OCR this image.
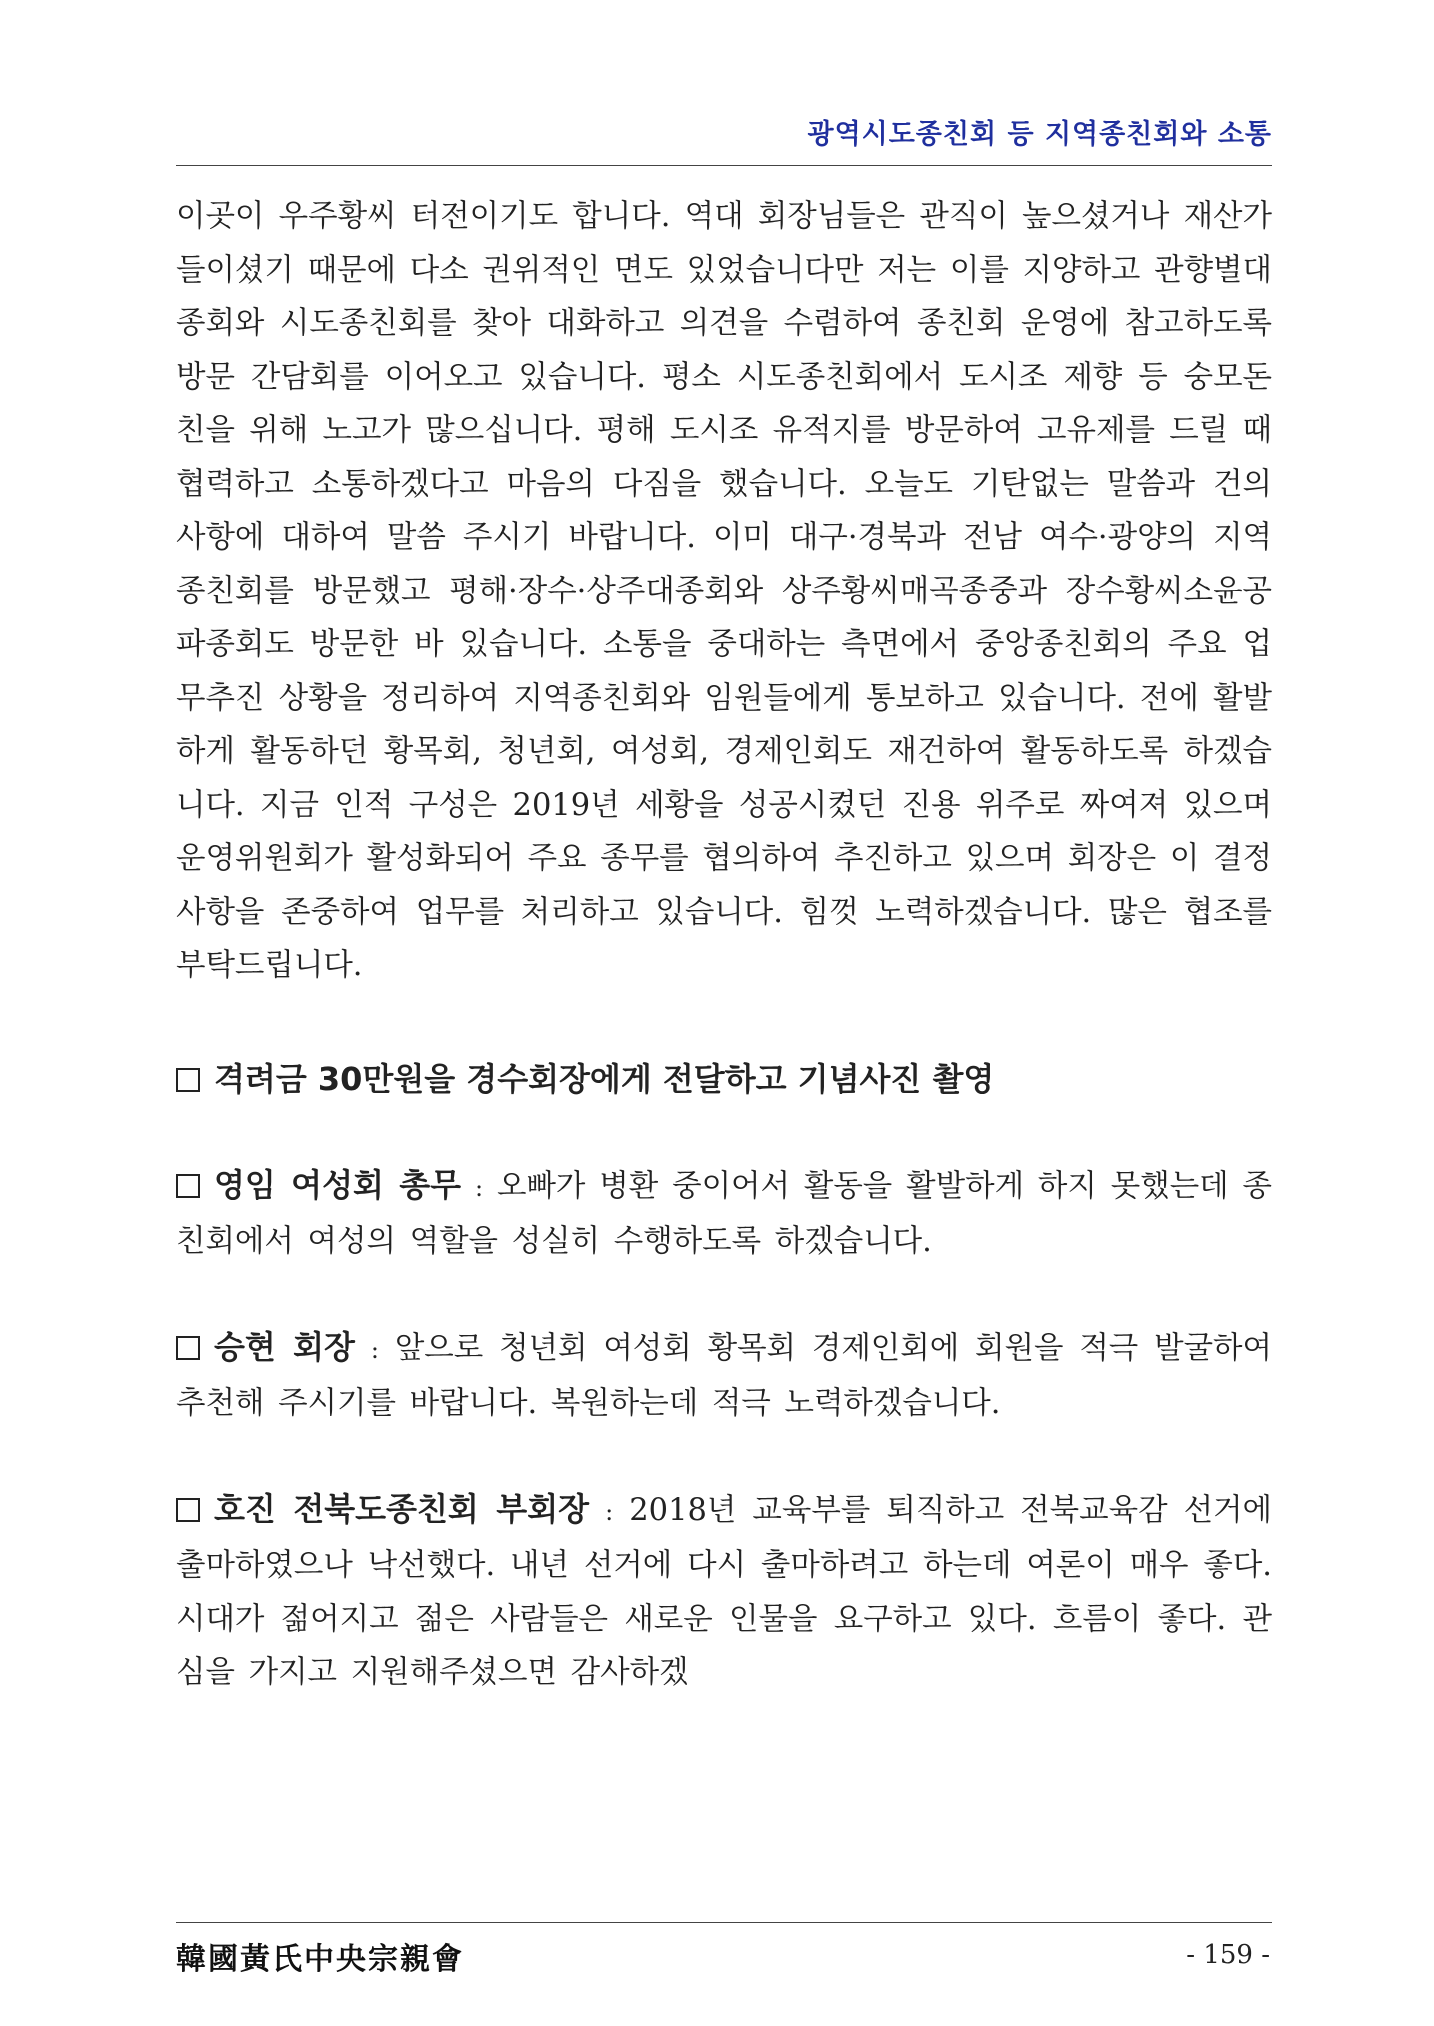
광역시도종친회 등 지역종친회와 소통

이곳이 우주황씨 터전이기도 합니다. 역대 회장님들은 관직이 높으셨거나 재산가들이셨기 때문에 다소 권위적인 면도 있었습니다만 저는 이를 지양하고 관향별대종회와 시도종친회를 찾아 대화하고 의견을 수렴하여 종친회 운영에 참고하도록 방문 간담회를 이어오고 있습니다. 평소 시도종친회에서 도시조 제향 등 숭모돈친을 위해 노고가 많으십니다. 평해 도시조 유적지를 방문하여 고유제를 드릴 때 협력하고 소통하겠다고 마음의 다짐을 했습니다. 오늘도 기탄없는 말씀과 건의 사항에 대하여 말씀 주시기 바랍니다. 이미 대구·경북과 전남 여수·광양의 지역 종친회를 방문했고 평해·장수·상주대종회와 상주황씨매곡종중과 장수황씨소윤공파종회도 방문한 바 있습니다. 소통을 중대하는 측면에서 중앙종친회의 주요 업무추진 상황을 정리하여 지역종친회와 임원들에게 통보하고 있습니다. 전에 활발하게 활동하던 황목회, 청년회, 여성회, 경제인회도 재건하여 활동하도록 하겠습니다. 지금 인적 구성은 2019년 세황을 성공시켰던 진용 위주로 짜여져 있으며 운영위원회가 활성화되어 주요 종무를 협의하여 추진하고 있으며 회장은 이 결정사항을 존중하여 업무를 처리하고 있습니다. 힘껏 노력하겠습니다. 많은 협조를 부탁드립니다.

격려금 30만원을 경수회장에게 전달하고 기념사진 촬영

영임 여성회 총무 : 오빠가 병환 중이어서 활동을 활발하게 하지 못했는데 종친회에서 여성의 역할을 성실히 수행하도록 하겠습니다.

승현 회장 : 앞으로 청년회 여성회 황목회 경제인회에 회원을 적극 발굴하여 추천해 주시기를 바랍니다. 복원하는데 적극 노력하겠습니다.

호진 전북도종친회 부회장 : 2018년 교육부를 퇴직하고 전북교육감 선거에 출마하였으나 낙선했다. 내년 선거에 다시 출마하려고 하는데 여론이 매우 좋다. 시대가 젊어지고 젊은 사람들은 새로운 인물을 요구하고 있다. 흐름이 좋다. 관심을 가지고 지원해주셨으면 감사하겠

韓國黃氏中央宗親會	- 159 -
